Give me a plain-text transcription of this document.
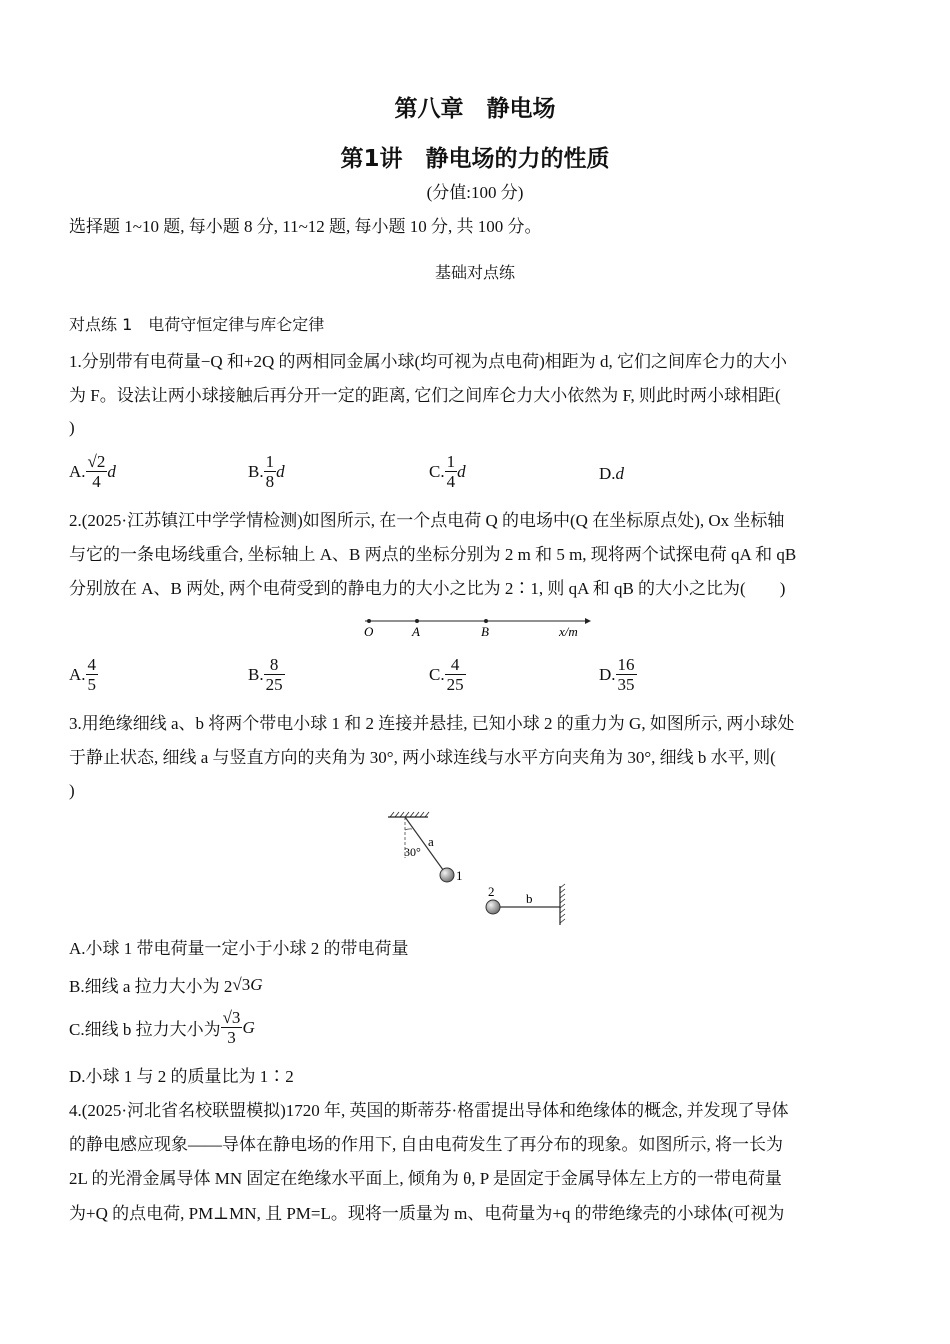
第八章　静电场
第1讲　静电场的力的性质
(分值:100 分)
选择题 1~10 题, 每小题 8 分, 11~12 题, 每小题 10 分, 共 100 分。
基础对点练
对点练 1　电荷守恒定律与库仑定律
1.分别带有电荷量−Q 和+2Q 的两相同金属小球(均可视为点电荷)相距为 d, 它们之间库仑力的大小
为 F。设法让两小球接触后再分开一定的距离, 它们之间库仑力大小依然为 F, 则此时两小球相距(
)
A. $\frac{√2}{4}$ d	B. $\frac{1}{8}$ d	C. $\frac{1}{4}$ d	D. d
2.(2025·江苏镇江中学学情检测)如图所示, 在一个点电荷 Q 的电场中(Q 在坐标原点处), Ox 坐标轴
与它的一条电场线重合, 坐标轴上 A、B 两点的坐标分别为 2 m 和 5 m, 现将两个试探电荷 qA 和 qB
分别放在 A、B 两处, 两个电荷受到的静电力的大小之比为 2∶1, 则 qA 和 qB 的大小之比为(　　)
O	A	B	x/m
A. $\frac{4}{5}$	B. $\frac{8}{25}$	C. $\frac{4}{25}$	D. $\frac{16}{35}$
3.用绝缘细线 a、b 将两个带电小球 1 和 2 连接并悬挂, 已知小球 2 的重力为 G, 如图所示, 两小球处
于静止状态, 细线 a 与竖直方向的夹角为 30°, 两小球连线与水平方向夹角为 30°, 细线 b 水平, 则(
)
a
30°
1
2 b
A.小球 1 带电荷量一定小于小球 2 的带电荷量
B.细线 a 拉力大小为 2 √3 G
C.细线 b 拉力大小为 $\frac{√3}{3}$ G
D.小球 1 与 2 的质量比为 1∶2
4.(2025·河北省名校联盟模拟)1720 年, 英国的斯蒂芬·格雷提出导体和绝缘体的概念, 并发现了导体
的静电感应现象——导体在静电场的作用下, 自由电荷发生了再分布的现象。如图所示, 将一长为
2L 的光滑金属导体 MN 固定在绝缘水平面上, 倾角为 θ, P 是固定于金属导体左上方的一带电荷量
为+Q 的点电荷, PM⊥MN, 且 PM=L。现将一质量为 m、电荷量为+q 的带绝缘壳的小球体(可视为
